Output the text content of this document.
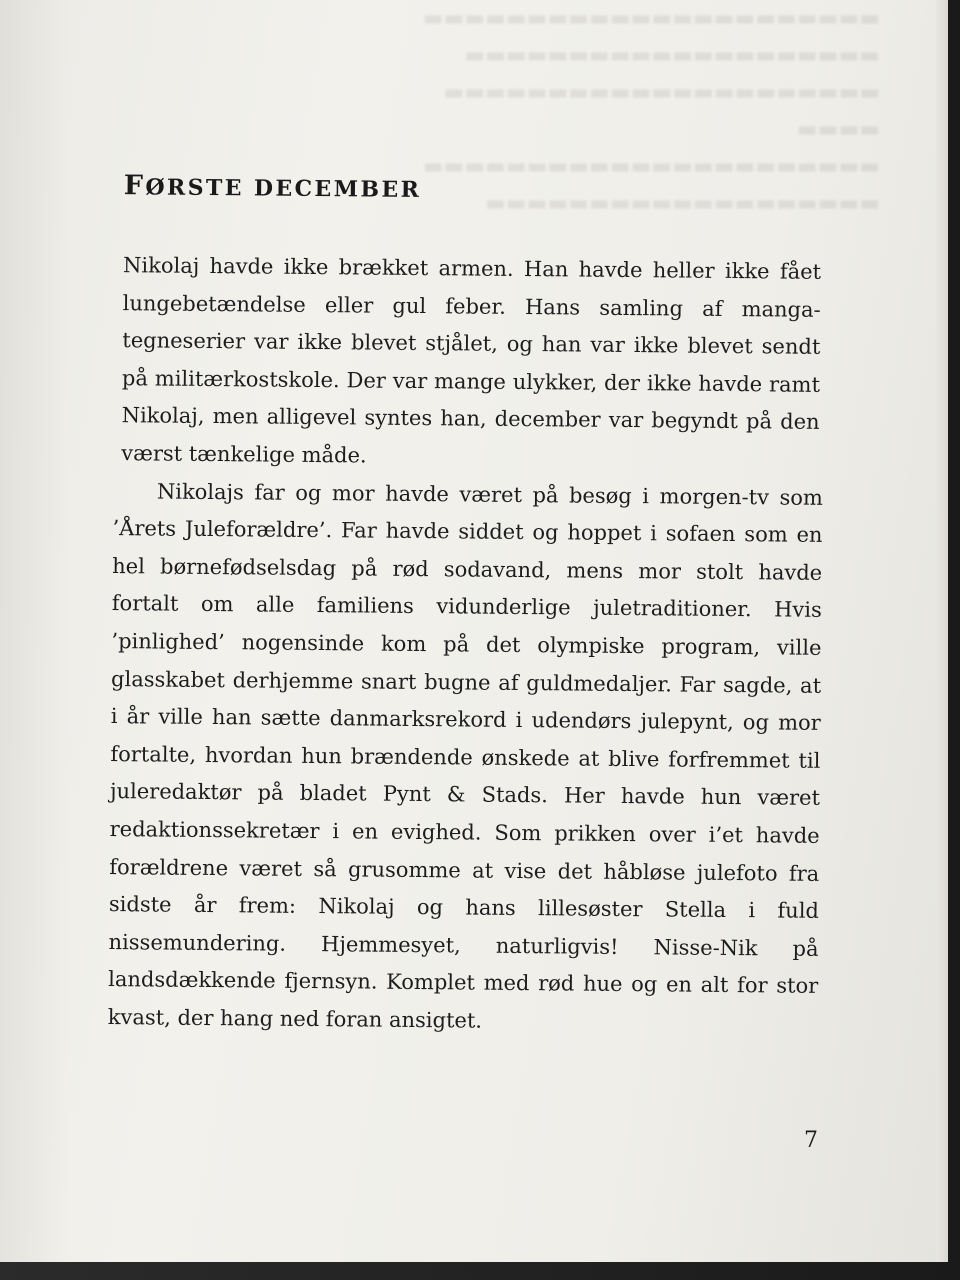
▬▬▬▬▬▬▬▬▬▬▬▬▬▬▬▬▬▬▬▬▬▬
▬▬▬▬▬▬▬▬▬▬▬▬▬▬▬▬▬▬▬▬
▬▬▬▬▬▬▬▬▬▬▬▬▬▬▬▬▬▬▬▬▬
▬▬▬▬
▬▬▬▬▬▬▬▬▬▬▬▬▬▬▬▬▬▬▬▬▬▬
▬▬▬▬▬▬▬▬▬▬▬▬▬▬▬▬▬▬▬
FØRSTE DECEMBER

Nikolaj havde ikke brækket armen. Han havde heller ikke fået lungebetændelse eller gul feber. Hans samling af manga-tegneserier var ikke blevet stjålet, og han var ikke blevet sendt på militærkostskole. Der var mange ulykker, der ikke havde ramt Nikolaj, men alligevel syntes han, december var begyndt på den værst tænkelige måde.

Nikolajs far og mor havde været på besøg i morgen-tv som ’Årets Juleforældre’. Far havde siddet og hoppet i sofaen som en hel børnefødselsdag på rød sodavand, mens mor stolt havde fortalt om alle familiens vidunderlige juletraditioner. Hvis ’pinlighed’ nogensinde kom på det olympiske program, ville glasskabet derhjemme snart bugne af guldmedaljer. Far sagde, at i år ville han sætte danmarksrekord i udendørs julepynt, og mor fortalte, hvordan hun brændende ønskede at blive forfremmet til juleredaktør på bladet Pynt & Stads. Her havde hun været redaktionssekretær i en evighed. Som prikken over i’et havde forældrene været så grusomme at vise det håbløse julefoto fra sidste år frem: Nikolaj og hans lillesøster Stella i fuld nissemundering. Hjemmesyet, naturligvis! Nisse-Nik på landsdækkende fjernsyn. Komplet med rød hue og en alt for stor kvast, der hang ned foran ansigtet.

7
